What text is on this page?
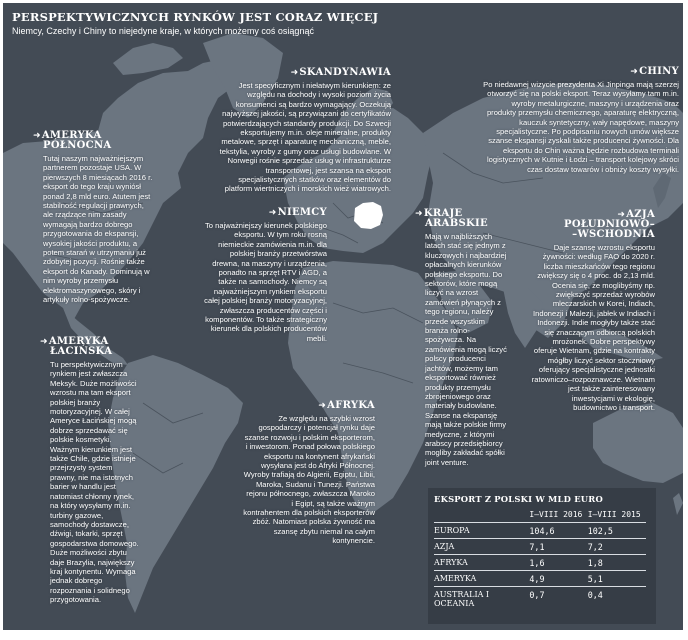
PERSPEKTYWICZNYCH RYNKÓW JEST CORAZ WIĘCEJ
Niemcy, Czechy i Chiny to niejedyne kraje, w których możemy coś osiągnąć
➜AMERYKA
PÓŁNOCNA
Tutaj naszym najważniejszym partnerem pozostaje USA. W pierwszych 8 miesiącach 2016 r. eksport do tego kraju wyniósł ponad 2,8 mld euro. Atutem jest stabilność regulacji prawnych, ale rządzące nim zasady wymagają bardzo dobrego przygotowania do ekspansji, wysokiej jakości produktu, a potem starań w utrzymaniu już zdobytej pozycji. Rośnie także eksport do Kanady. Dominują w nim wyroby przemysłu elektromaszynowego, skóry i artykuły rolno-spożywcze.
➜SKANDYNAWIA
Jest specyficznym i niełatwym kierunkiem: ze względu na dochody i wysoki poziom życia konsumenci są bardzo wymagający. Oczekują najwyższej jakości, są przywiązani do certyfikatów potwierdzających standardy produkcji. Do Szwecji eksportujemy m.in. oleje mineralne, produkty metalowe, sprzęt i aparaturę mechaniczną, meble, tekstylia, wyroby z gumy oraz usługi budowlane. W Norwegii rośnie sprzedaż usług w infrastrukturze transportowej, jest szansa na eksport specjalistycznych statków oraz elementów do platform wiertniczych i morskich wież wiatrowych.
➜CHINY
Po niedawnej wizycie prezydenta Xi Jinpinga mają szerzej otworzyć się na polski eksport. Teraz wysyłamy tam m.in. wyroby metalurgiczne, maszyny i urządzenia oraz produkty przemysłu chemicznego, aparaturę elektryczną, kauczuk syntetyczny, wały napędowe, maszyny specjalistyczne. Po podpisaniu nowych umów większe szanse ekspansji zyskali także producenci żywności. Dla eksportu do Chin ważna będzie rozbudowa terminali logistycznych w Kutnie i Łodzi – transport kolejowy skróci czas dostaw towarów i obniży koszty wysyłki.
➜NIEMCY
To najważniejszy kierunek polskiego eksportu. W tym roku rosną niemieckie zamówienia m.in. dla polskiej branży przetwórstwa drewna, na maszyny i urządzenia, ponadto na sprzęt RTV i AGD, a także na samochody. Niemcy są najważniejszym rynkiem eksportu całej polskiej branży motoryzacyjnej, zwłaszcza producentów części i komponentów. To także strategiczny kierunek dla polskich producentów mebli.
➜KRAJE
ARABSKIE
Mają w najbliższych latach stać się jednym z kluczowych i najbardziej opłacalnych kierunków polskiego eksportu. Do sektorów, które mogą liczyć na wzrost zamówień płynących z tego regionu, należy przede wszystkim branża rolno-spożywcza. Na zamówienia mogą liczyć polscy producenci jachtów, możemy tam eksportować również produkty przemysłu zbrojeniowego oraz materiały budowlane. Szanse na ekspansję mają także polskie firmy medyczne, z którymi arabscy przedsiębiorcy mogliby zakładać spółki joint venture.
➜AZJA
POŁUDNIOWO–
–WSCHODNIA
Daje szansę wzrostu eksportu żywności: według FAO do 2020 r. liczba mieszkańców tego regionu zwiększy się o 4 proc. do 2,13 mld. Ocenia się, że moglibyśmy np. zwiększyć sprzedaż wyrobów mleczarskich w Korei, Indiach, Indonezji i Malezji, jabłek w Indiach i Indonezji. Indie mogłyby także stać się znaczącym odbiorcą polskich mrożonek. Dobre perspektywy oferuje Wietnam, gdzie na kontrakty mógłby liczyć sektor stoczniowy oferujący specjalistyczne jednostki ratowniczo–rozpoznawcze. Wietnam jest także zainteresowany inwestycjami w ekologię, budownictwo i transport.
➜AMERYKA
ŁACIŃSKA
Tu perspektywicznym rynkiem jest zwłaszcza Meksyk. Duże możliwości wzrostu ma tam eksport polskiej branży motoryzacyjnej. W całej Ameryce Łacińskiej mogą dobrze sprzedawać się polskie kosmetyki. Ważnym kierunkiem jest także Chile, gdzie istnieje przejrzysty system prawny, nie ma istotnych barier w handlu jest natomiast chłonny rynek, na który wysyłamy m.in. turbiny gazowe, samochody dostawcze, dźwigi, tokarki, sprzęt gospodarstwa domowego. Duże możliwości zbytu daje Brazylia, największy kraj kontynentu. Wymaga jednak dobrego rozpoznania i solidnego przygotowania.
➜AFRYKA
Ze względu na szybki wzrost gospodarczy i potencjał rynku daje szanse rozwoju i polskim eksporterom, i inwestorom. Ponad połowa polskiego eksportu na kontynent afrykański wysyłana jest do Afryki Północnej. Wyroby trafiają do Algierii, Egiptu, Libii, Maroka, Sudanu i Tunezji. Państwa rejonu północnego, zwłaszcza Maroko i Egipt, są także ważnym kontrahentem dla polskich eksporterów zbóż. Natomiast polska żywność ma szansę zbytu niemal na całym kontynencie.
EKSPORT Z POLSKI W MLD EURO
	I–VIII 2016	I–VIII 2015
EUROPA	104,6	102,5
AZJA	7,1	7,2
AFRYKA	1,6	1,8
AMERYKA	4,9	5,1
AUSTRALIA I OCEANIA	0,7	0,4
